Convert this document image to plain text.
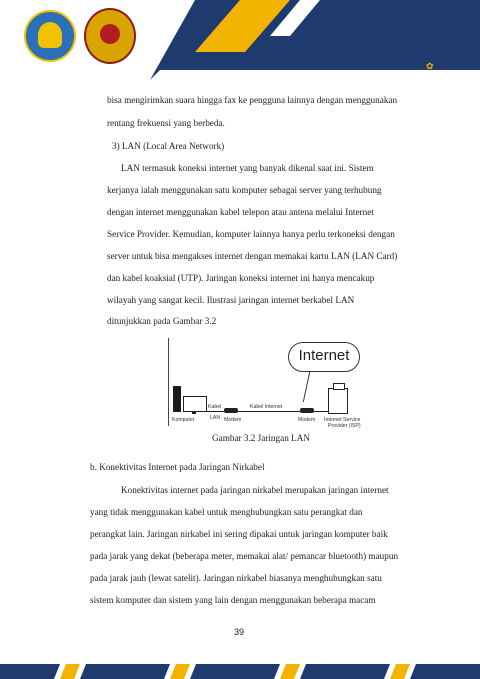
✿
bisa mengirimkan suara hingga fax ke pengguna lainnya dengan menggunakan
rentang frekuensi yang berbeda.
3) LAN (Local Area Network)
LAN termasuk koneksi internet yang banyak dikenal saat ini. Sistem
kerjanya ialah menggunakan satu komputer sebagai server yang terhubung
dengan internet menggunakan kabel telepon atau antena melalui Internet
Service Provider. Kemudian, komputer lainnya hanya perlu terkoneksi dengan
server untuk bisa mengakses internet dengan memakai kartu LAN (LAN Card)
dan kabel koaksial (UTP). Jaringan koneksi internet ini hanya mencakup
wilayah yang sangat kecil. Ilustrasi jaringan internet berkabel LAN
ditunjukkan pada Gambar 3.2
Internet
Komputer
Kabel
LAN Modem
Kabel Internet
Modem Internet Service
Provider (ISP)
Gambar 3.2 Jaringan LAN
b. Konektivitas Internet pada Jaringan Nirkabel
Konektivitas internet pada jaringan nirkabel merupakan jaringan internet
yang tidak menggunakan kabel untuk menghubungkan satu perangkat dan
perangkat lain. Jaringan nirkabel ini sering dipakai untuk jaringan komputer baik
pada jarak yang dekat (beberapa meter, memakai alat/ pemancar bluetooth) maupun
pada jarak jauh (lewat satelit). Jaringan nirkabel biasanya menghubungkan satu
sistem komputer dan sistem yang lain dengan menggunakan beberapa macam
39
